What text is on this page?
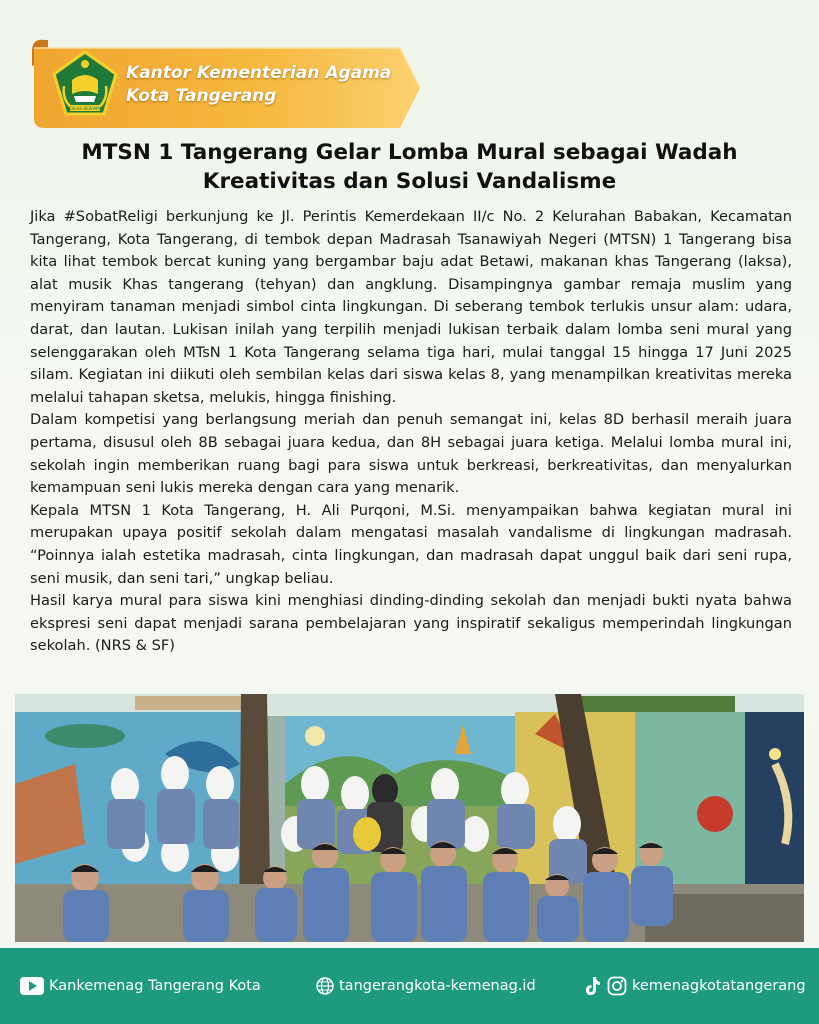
IKHLAS BERAMAL
Kantor Kementerian Agama
Kota Tangerang
MTSN 1 Tangerang Gelar Lomba Mural sebagai Wadah
Kreativitas dan Solusi Vandalisme

Jika #SobatReligi berkunjung ke Jl. Perintis Kemerdekaan II/c No. 2 Kelurahan Babakan, Kecamatan Tangerang, Kota Tangerang, di tembok depan Madrasah Tsanawiyah Negeri (MTSN) 1 Tangerang bisa kita lihat tembok bercat kuning yang bergambar baju adat Betawi, makanan khas Tangerang (laksa), alat musik Khas tangerang (tehyan) dan angklung. Disampingnya gambar remaja muslim yang menyiram tanaman menjadi simbol cinta lingkungan. Di seberang tembok terlukis unsur alam: udara, darat, dan lautan. Lukisan inilah yang terpilih menjadi lukisan terbaik dalam lomba seni mural yang selenggarakan oleh MTsN 1 Kota Tangerang selama tiga hari, mulai tanggal 15 hingga 17 Juni 2025 silam. Kegiatan ini diikuti oleh sembilan kelas dari siswa kelas 8, yang menampilkan kreativitas mereka melalui tahapan sketsa, melukis, hingga finishing.

Dalam kompetisi yang berlangsung meriah dan penuh semangat ini, kelas 8D berhasil meraih juara pertama, disusul oleh 8B sebagai juara kedua, dan 8H sebagai juara ketiga. Melalui lomba mural ini, sekolah ingin memberikan ruang bagi para siswa untuk berkreasi, berkreativitas, dan menyalurkan kemampuan seni lukis mereka dengan cara yang menarik.

Kepala MTSN 1 Kota Tangerang, H. Ali Purqoni, M.Si. menyampaikan bahwa kegiatan mural ini merupakan upaya positif sekolah dalam mengatasi masalah vandalisme di lingkungan madrasah. “Poinnya ialah estetika madrasah, cinta lingkungan, dan madrasah dapat unggul baik dari seni rupa, seni musik, dan seni tari,” ungkap beliau.

Hasil karya mural para siswa kini menghiasi dinding-dinding sekolah dan menjadi bukti nyata bahwa ekspresi seni dapat menjadi sarana pembelajaran yang inspiratif sekaligus memperindah lingkungan sekolah. (NRS & SF)

Kankemenag Tangerang Kota	tangerangkota-kemenag.id	kemenagkotatangerang
